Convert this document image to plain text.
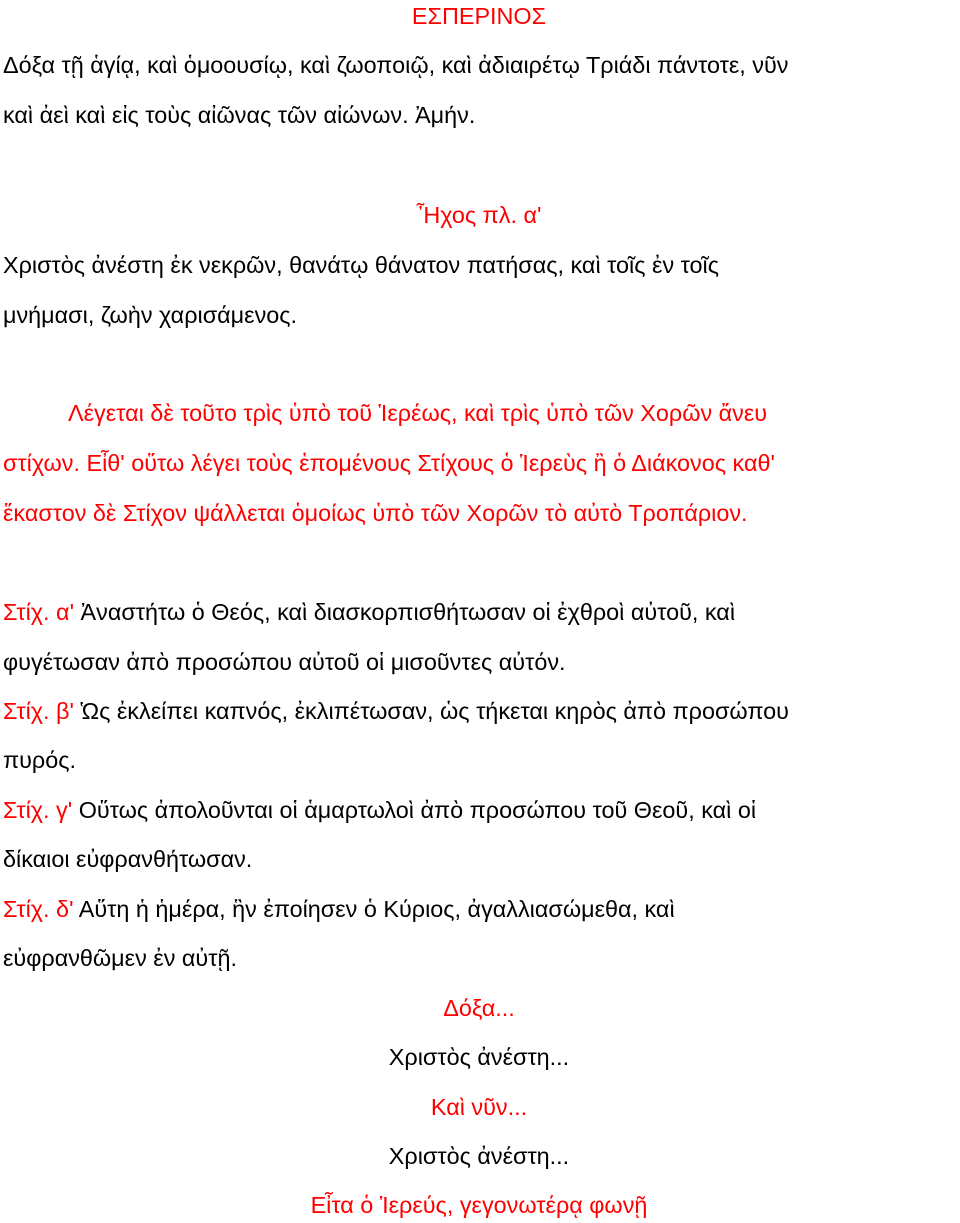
ΕΣΠΕΡΙΝΟΣ
Δόξα τῇ ἁγίᾳ, καὶ ὁμοουσίῳ, καὶ ζωοποιῷ, καὶ ἀδιαιρέτῳ Τριάδι πάντοτε, νῦν
καὶ ἀεὶ καὶ εἰς τοὺς αἰῶνας τῶν αἰώνων. Ἀμήν.
Ἦχος πλ. α'
Χριστὸς ἀνέστη ἐκ νεκρῶν, θανάτῳ θάνατον πατήσας, καὶ τοῖς ἐν τοῖς
μνήμασι, ζωὴν χαρισάμενος.
Λέγεται δὲ τοῦτο τρὶς ὑπὸ τοῦ Ἱερέως, καὶ τρὶς ὑπὸ τῶν Χορῶν ἄνευ
στίχων. Εἶθ' οὕτω λέγει τοὺς ἑπομένους Στίχους ὁ Ἱερεὺς ἢ ὁ Διάκονος καθ'
ἕκαστον δὲ Στίχον ψάλλεται ὁμοίως ὑπὸ τῶν Χορῶν τὸ αὐτὸ Τροπάριον.
Στίχ. α' Ἀναστήτω ὁ Θεός, καὶ διασκορπισθήτωσαν οἱ ἐχθροὶ αὐτοῦ, καὶ
φυγέτωσαν ἀπὸ προσώπου αὐτοῦ οἱ μισοῦντες αὐτόν.
Στίχ. β' Ὡς ἐκλείπει καπνός, ἐκλιπέτωσαν, ὡς τήκεται κηρὸς ἀπὸ προσώπου
πυρός.
Στίχ. γ' Οὕτως ἀπολοῦνται οἱ ἁμαρτωλοὶ ἀπὸ προσώπου τοῦ Θεοῦ, καὶ οἱ
δίκαιοι εὐφρανθήτωσαν.
Στίχ. δ' Αὕτη ἡ ἡμέρα, ἣν ἐποίησεν ὁ Κύριος, ἀγαλλιασώμεθα, καὶ
εὐφρανθῶμεν ἐν αὐτῇ.
Δόξα...
Χριστὸς ἀνέστη...
Καὶ νῦν...
Χριστὸς ἀνέστη...
Εἶτα ὁ Ἱερεύς, γεγονωτέρᾳ φωνῇ
